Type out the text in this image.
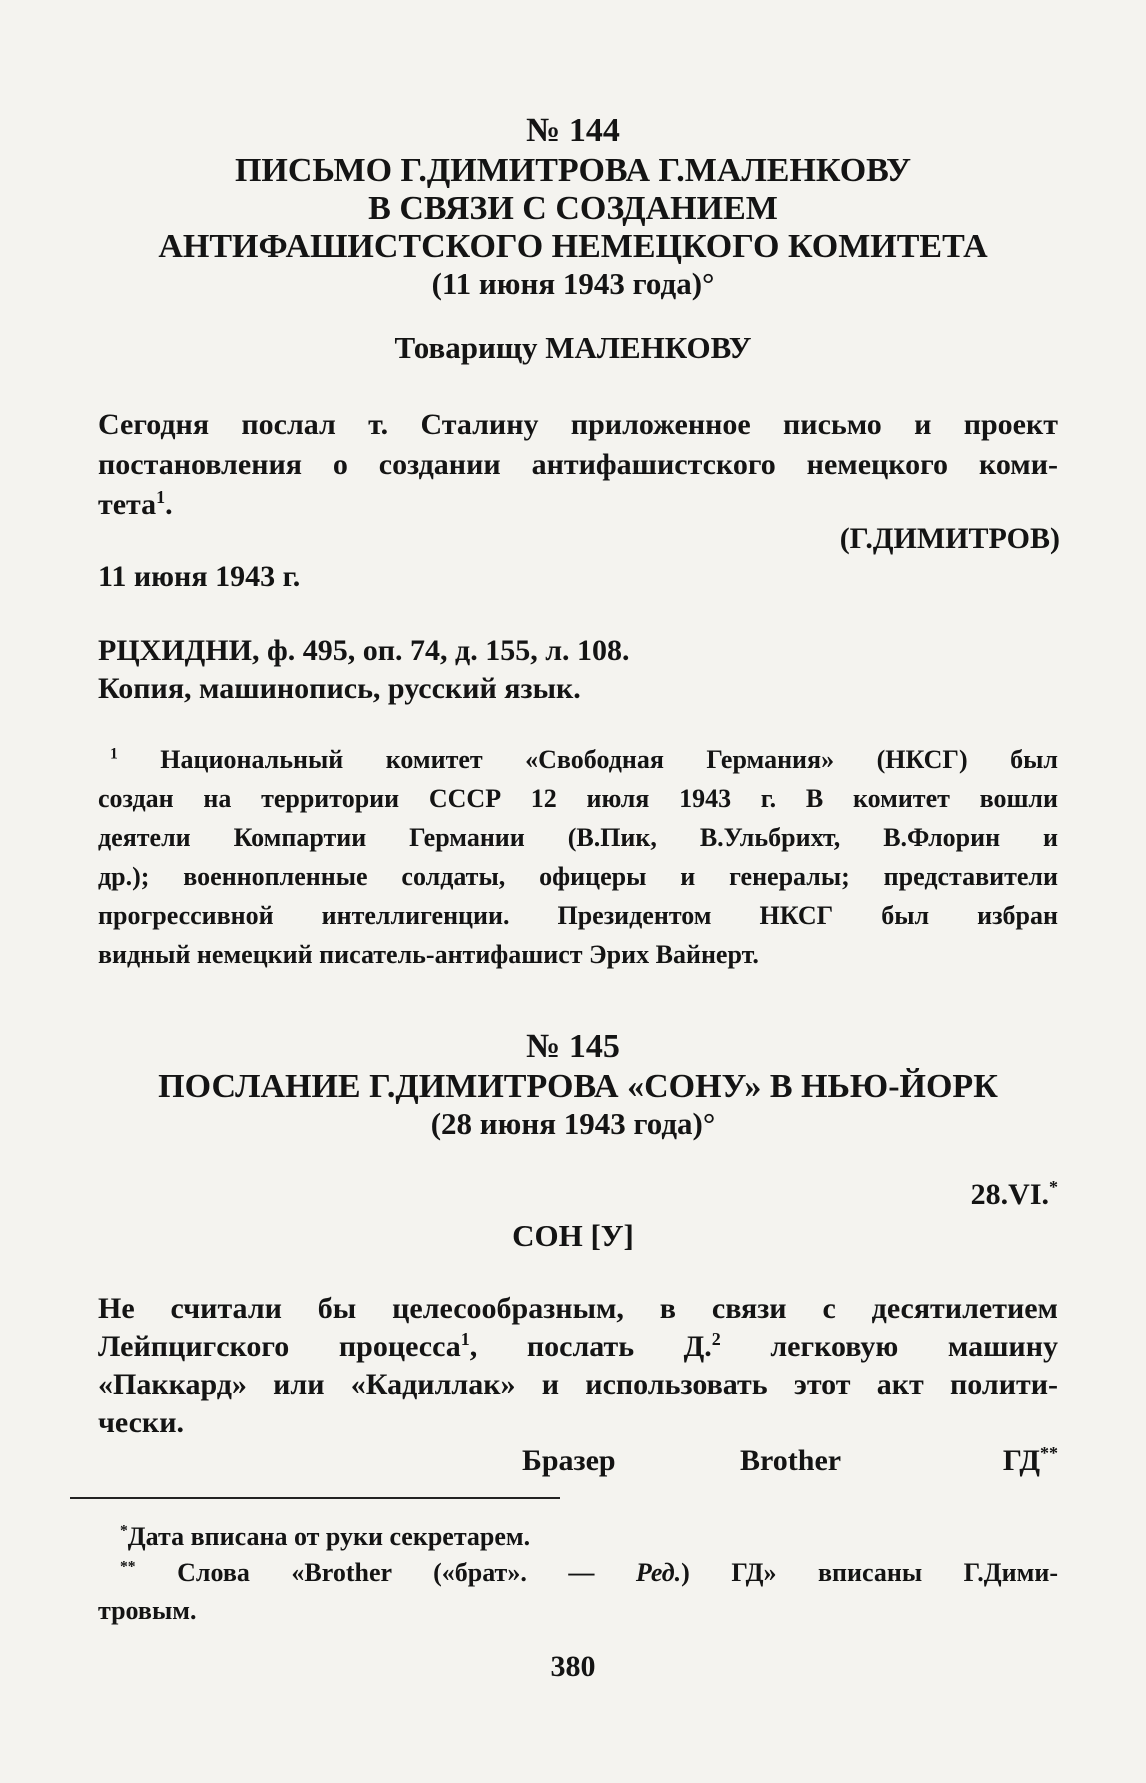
№ 144
ПИСЬМО Г.ДИМИТРОВА Г.МАЛЕНКОВУ
В СВЯЗИ С СОЗДАНИЕМ
АНТИФАШИСТСКОГО НЕМЕЦКОГО КОМИТЕТА
(11 июня 1943 года)°
Товарищу МАЛЕНКОВУ
Сегодня послал т. Сталину приложенное письмо и проект
постановления о создании антифашистского немецкого коми-
тета$^1$.
(Г.ДИМИТРОВ)
11 июня 1943 г.
РЦХИДНИ, ф. 495, оп. 74, д. 155, л. 108.
Копия, машинопись, русский язык.
$^1$ Национальный комитет «Свободная Германия» (НКСГ) был
создан на территории СССР 12 июля 1943 г. В комитет вошли
деятели Компартии Германии (В.Пик, В.Ульбрихт, В.Флорин и
др.); военнопленные солдаты, офицеры и генералы; представители
прогрессивной интеллигенции. Президентом НКСГ был избран
видный немецкий писатель-антифашист Эрих Вайнерт.
№ 145
ПОСЛАНИЕ Г.ДИМИТРОВА «СОНУ» В НЬЮ-ЙОРК
(28 июня 1943 года)°
28.VI.*
СОН [У]
Не считали бы целесообразным, в связи с десятилетием
Лейпцигского процесса$^1$, послать Д.$^2$ легковую машину
«Паккард» или «Кадиллак» и использовать этот акт полити-
чески.
Бразер	Brother	ГД**
*Дата вписана от руки секретарем.
** Слова «Brother («брат». — Ред.) ГД» вписаны Г.Дими-
тровым.
380
